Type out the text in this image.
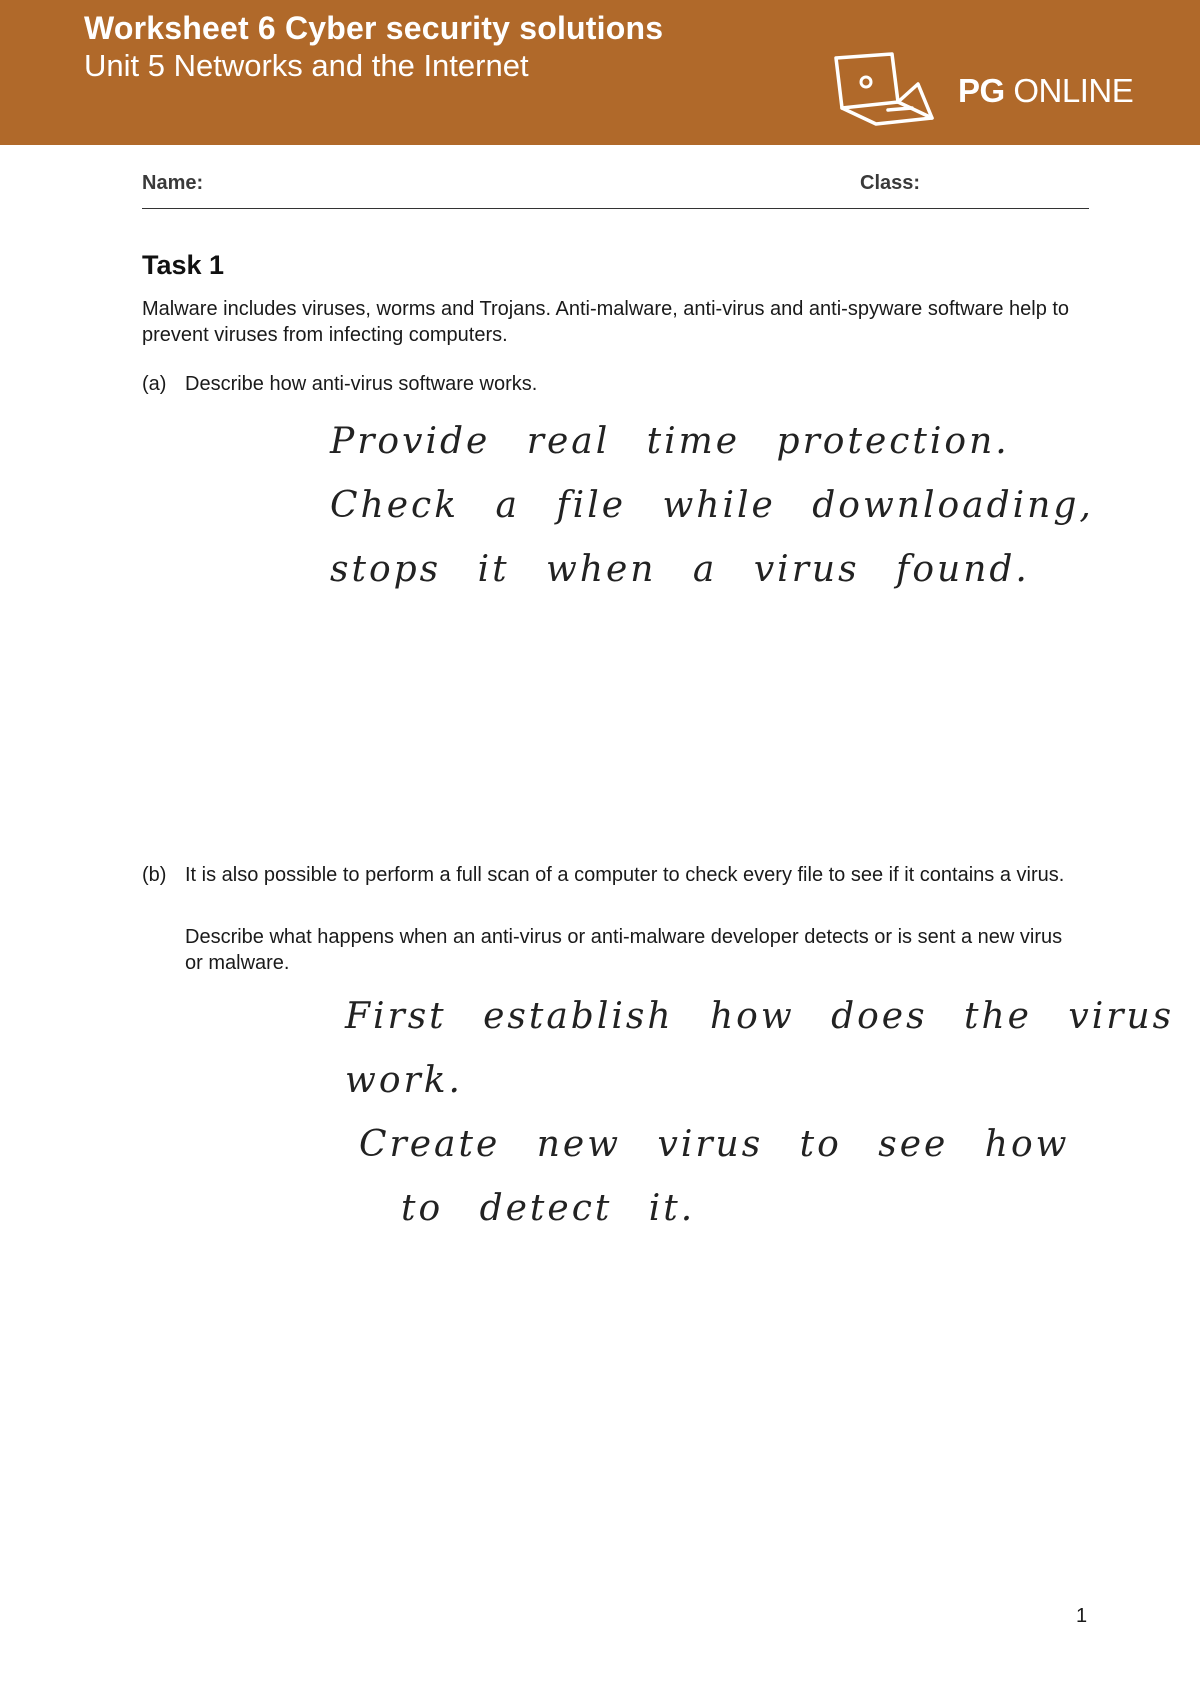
Worksheet 6 Cyber security solutions
Unit 5 Networks and the Internet
PG ONLINE
Name:	Class:
Task 1

Malware includes viruses, worms and Trojans. Anti-malware, anti-virus and anti-spyware software help to prevent viruses from infecting computers.

(a) Describe how anti-virus software works.

Provide real time protection.
Check a file while downloading,
stops it when a virus found.
(b) It is also possible to perform a full scan of a computer to check every file to see if it contains a virus.

Describe what happens when an anti-virus or anti-malware developer detects or is sent a new virus or malware.

First establish how does the virus work.
Create new virus to see how
to detect it.
1
